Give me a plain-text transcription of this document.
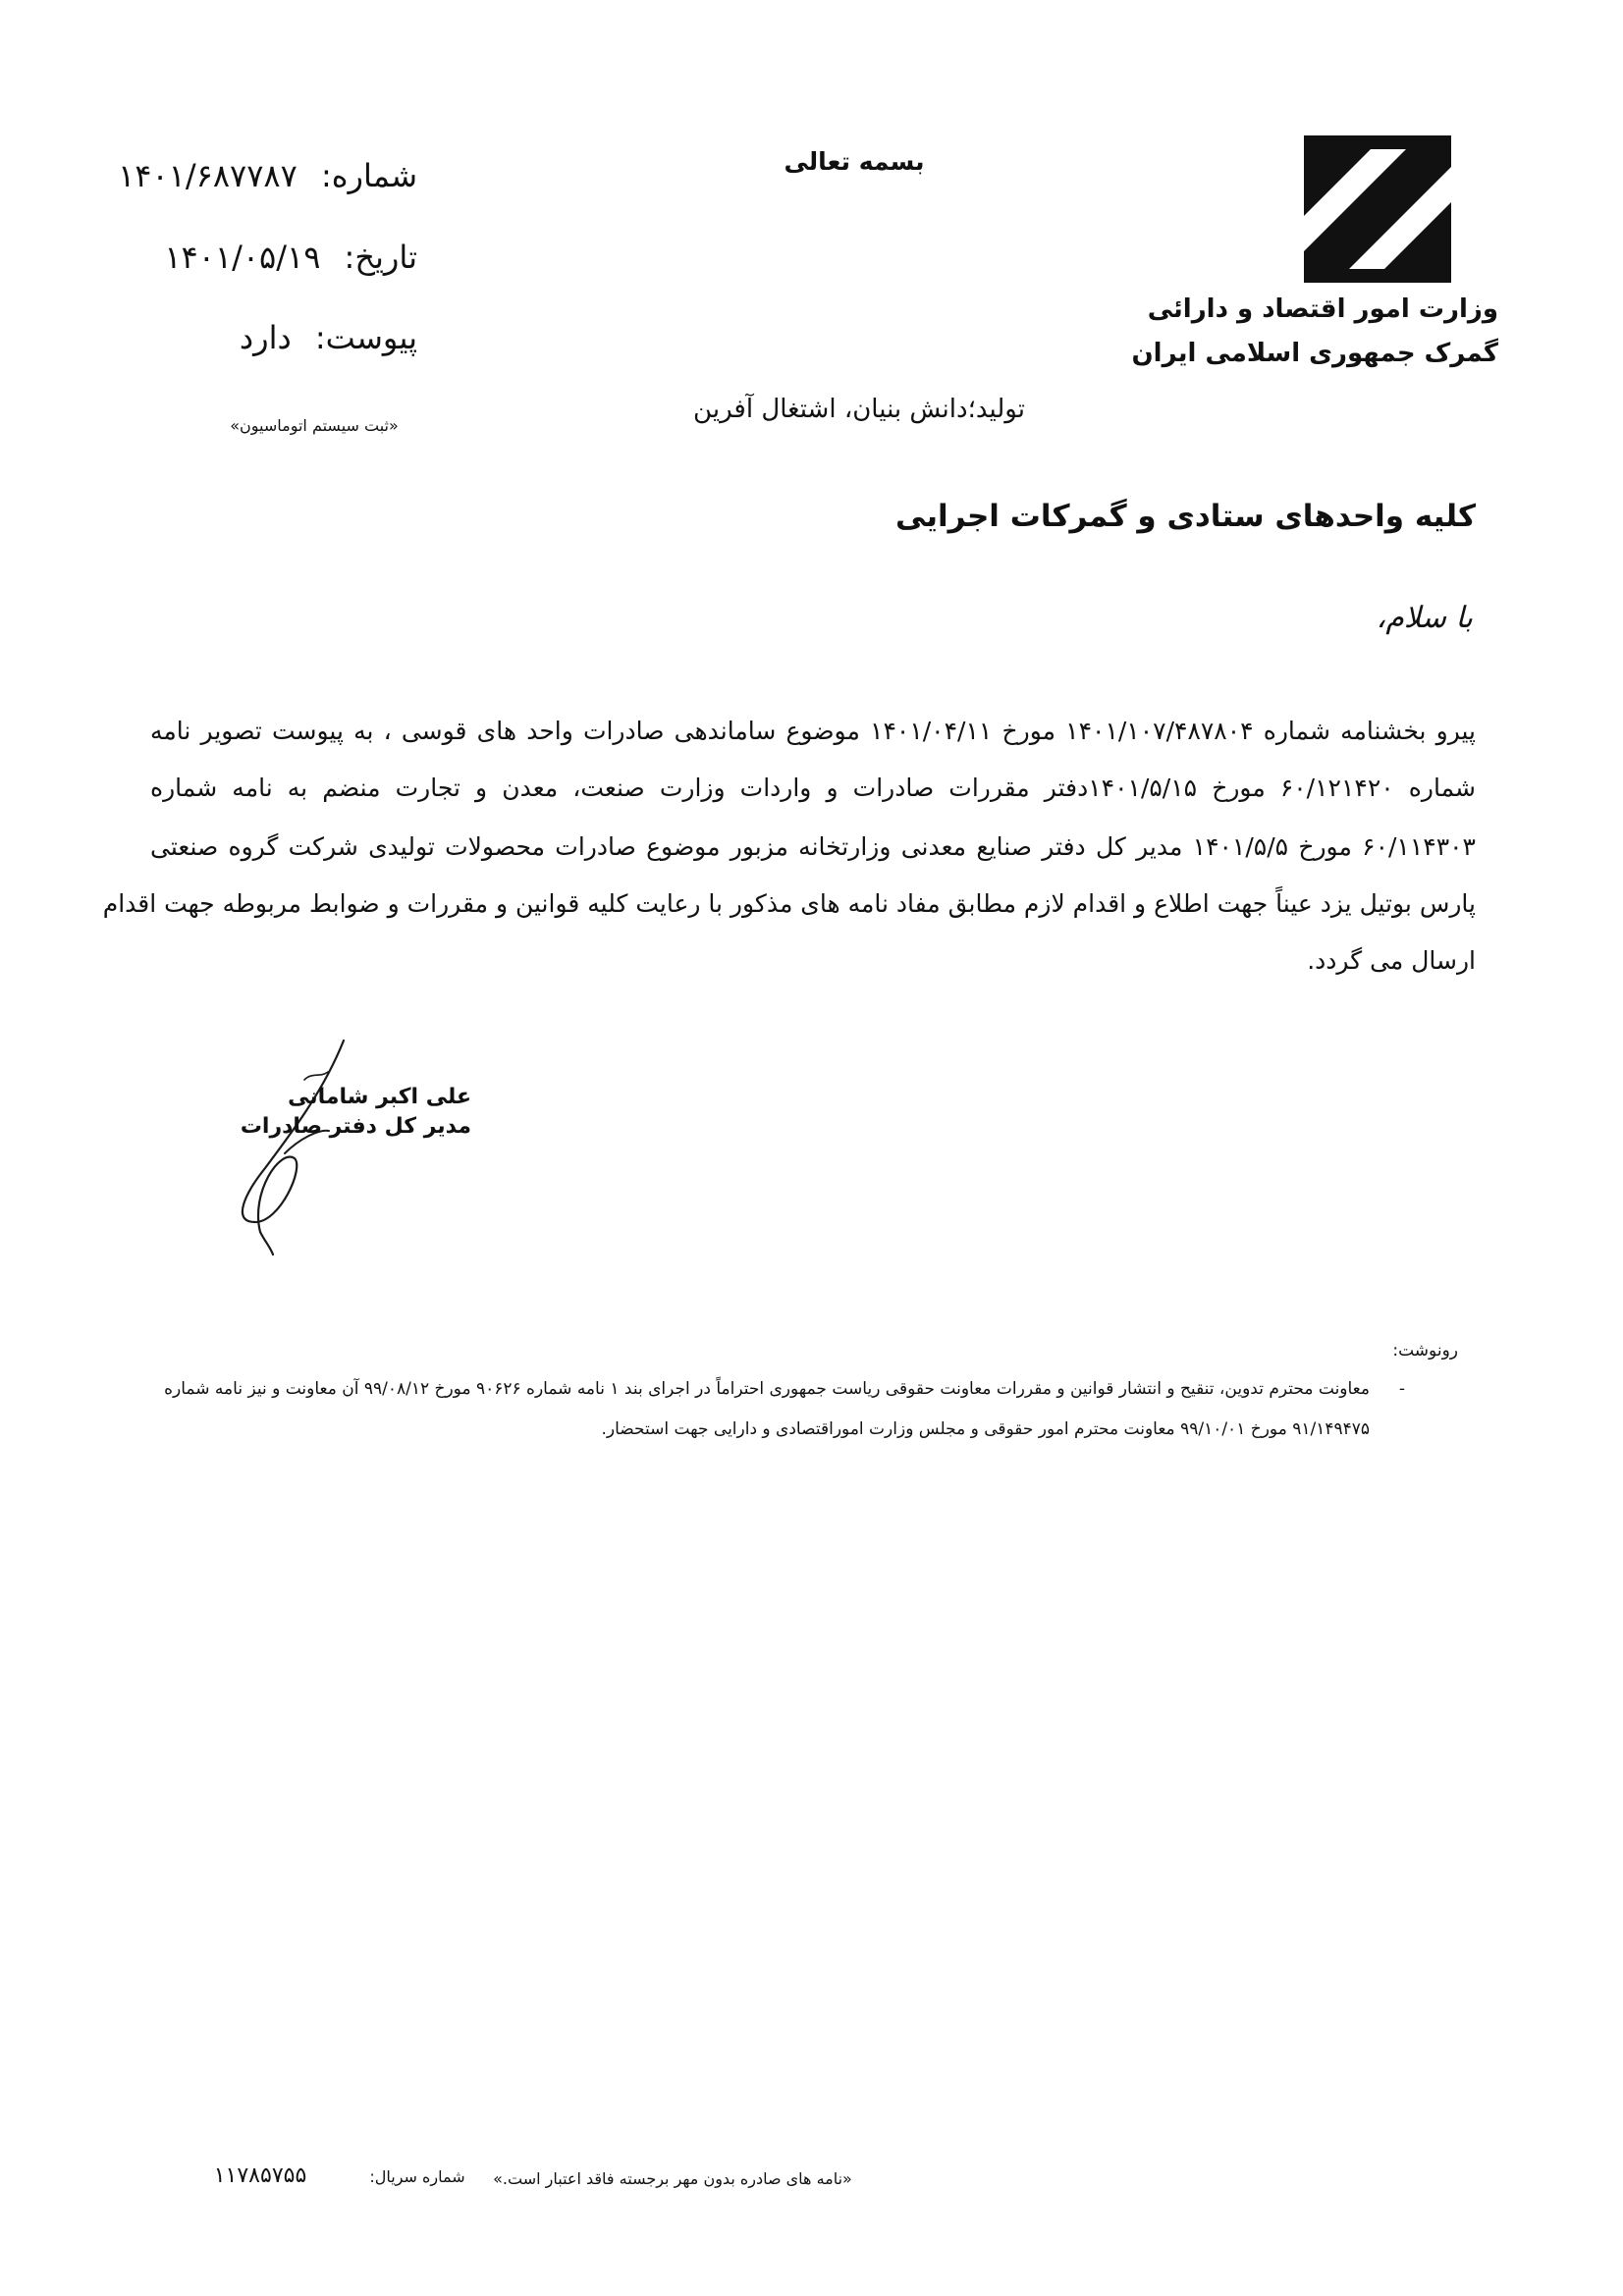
وزارت امور اقتصاد و دارائی
گمرک جمهوری اسلامی ایران
بسمه تعالی
شماره: ۱۴۰۱/۶۸۷۷۸۷
تاریخ: ۱۴۰۱/۰۵/۱۹
پیوست: دارد
«ثبت سیستم اتوماسیون»
تولید؛دانش بنیان، اشتغال آفرین
کلیه واحدهای ستادی و گمرکات اجرایی
با سلام،
پیرو بخشنامه شماره ۱۴۰۱/۱۰۷/۴۸۷۸۰۴ مورخ ۱۴۰۱/۰۴/۱۱ موضوع ساماندهی صادرات واحد های قوسی ، به پیوست تصویر نامه
شماره ۶۰/۱۲۱۴۲۰ مورخ ۱۴۰۱/۵/۱۵دفتر مقررات صادرات و واردات وزارت صنعت، معدن و تجارت منضم به نامه شماره
۶۰/۱۱۴۳۰۳ مورخ ۱۴۰۱/۵/۵ مدیر کل دفتر صنایع معدنی وزارتخانه مزبور موضوع صادرات محصولات تولیدی شرکت گروه صنعتی
پارس بوتیل یزد عیناً جهت اطلاع و اقدام لازم مطابق مفاد نامه های مذکور با رعایت کلیه قوانین و مقررات و ضوابط مربوطه جهت اقدام
ارسال می گردد.
علی اکبر شامانی
مدیر کل دفتر صادرات
رونوشت:
-
معاونت محترم تدوین، تنقیح و انتشار قوانین و مقررات معاونت حقوقی ریاست جمهوری احتراماً در اجرای بند ۱ نامه شماره ۹۰۶۲۶ مورخ ۹۹/۰۸/۱۲ آن معاونت و نیز نامه شماره
۹۱/۱۴۹۴۷۵ مورخ ۹۹/۱۰/۰۱ معاونت محترم امور حقوقی و مجلس وزارت اموراقتصادی و دارایی جهت استحضار.
«نامه های صادره بدون مهر برجسته فاقد اعتبار است.»
شماره سریال:
۱۱۷۸۵۷۵۵
